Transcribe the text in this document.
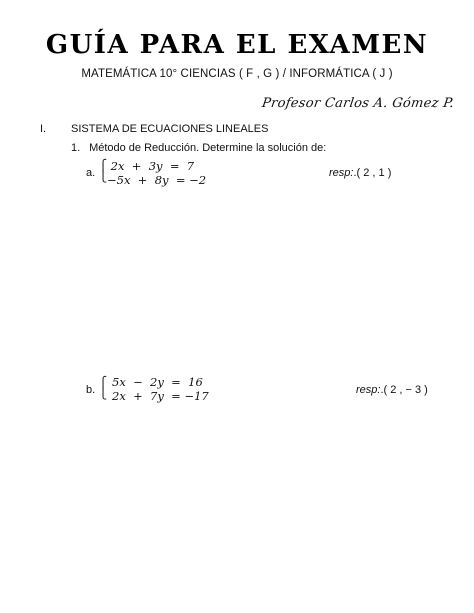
GUÍA PARA EL EXAMEN
MATEMÁTICA 10° CIENCIAS ( F , G ) / INFORMÁTICA ( J )
Profesor Carlos A. Gómez P.
I. SISTEMA DE ECUACIONES LINEALES
1. Método de Reducción. Determine la solución de:
a.
⎧
⎩
2x  +  3y  =  7
−5x  +  8y  = −2	resp:.( 2 , 1 )
b.
⎧
⎩
5x  −  2y  =  16
2x  +  7y  = −17	resp:.( 2 , − 3 )
